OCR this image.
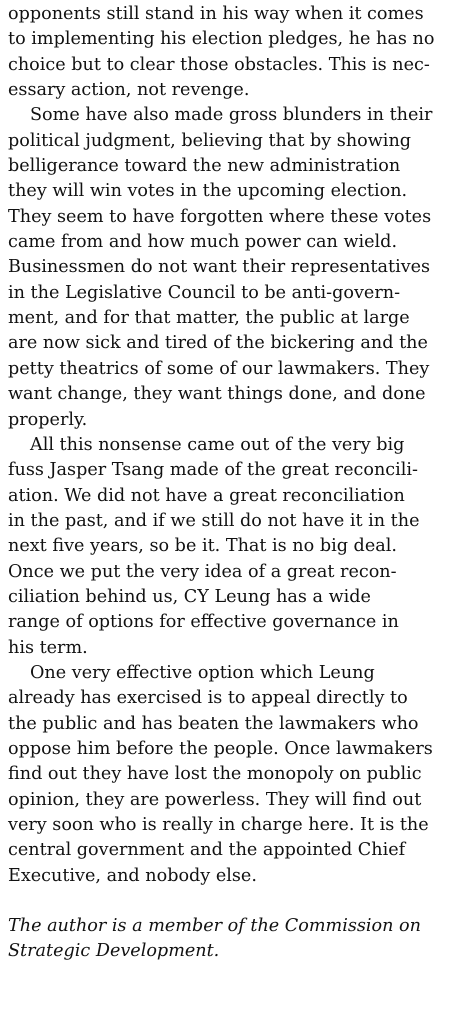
opponents still stand in his way when it comes
to implementing his election pledges, he has no
choice but to clear those obstacles. This is nec-
essary action, not revenge.

Some have also made gross blunders in their
political judgment, believing that by showing
belligerance toward the new administration
they will win votes in the upcoming election.
They seem to have forgotten where these votes
came from and how much power can wield.
Businessmen do not want their representatives
in the Legislative Council to be anti-govern-
ment, and for that matter, the public at large
are now sick and tired of the bickering and the
petty theatrics of some of our lawmakers. They
want change, they want things done, and done
properly.

All this nonsense came out of the very big
fuss Jasper Tsang made of the great reconcili-
ation. We did not have a great reconciliation
in the past, and if we still do not have it in the
next five years, so be it. That is no big deal.
Once we put the very idea of a great recon-
ciliation behind us, CY Leung has a wide
range of options for effective governance in
his term.

One very effective option which Leung
already has exercised is to appeal directly to
the public and has beaten the lawmakers who
oppose him before the people. Once lawmakers
find out they have lost the monopoly on public
opinion, they are powerless. They will find out
very soon who is really in charge here. It is the
central government and the appointed Chief
Executive, and nobody else.

The author is a member of the Commission on
Strategic Development.
